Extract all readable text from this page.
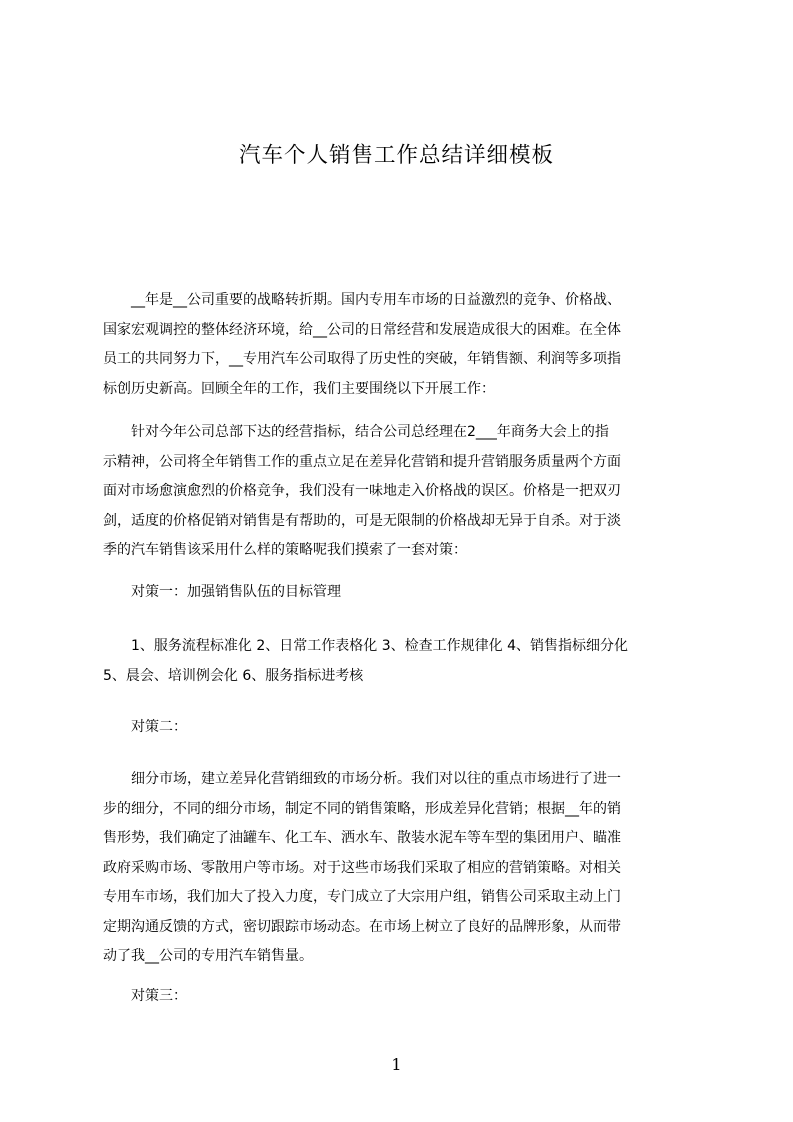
汽车个人销售工作总结详细模板
　　__年是__公司重要的战略转折期。国内专用车市场的日益激烈的竞争、价格战、
国家宏观调控的整体经济环境，给__公司的日常经营和发展造成很大的困难。在全体
员工的共同努力下，__专用汽车公司取得了历史性的突破，年销售额、利润等多项指
标创历史新高。回顾全年的工作，我们主要围绕以下开展工作：
　　针对今年公司总部下达的经营指标，结合公司总经理在2___年商务大会上的指
示精神，公司将全年销售工作的重点立足在差异化营销和提升营销服务质量两个方面
面对市场愈演愈烈的价格竞争，我们没有一味地走入价格战的误区。价格是一把双刃
剑，适度的价格促销对销售是有帮助的，可是无限制的价格战却无异于自杀。对于淡
季的汽车销售该采用什么样的策略呢我们摸索了一套对策：
　　对策一：加强销售队伍的目标管理
　　1、服务流程标准化 2、日常工作表格化 3、检查工作规律化 4、销售指标细分化
5、晨会、培训例会化 6、服务指标进考核
　　对策二：
　　细分市场，建立差异化营销细致的市场分析。我们对以往的重点市场进行了进一
步的细分，不同的细分市场，制定不同的销售策略，形成差异化营销；根据__年的销
售形势，我们确定了油罐车、化工车、洒水车、散装水泥车等车型的集团用户、瞄准
政府采购市场、零散用户等市场。对于这些市场我们采取了相应的营销策略。对相关
专用车市场，我们加大了投入力度，专门成立了大宗用户组，销售公司采取主动上门
定期沟通反馈的方式，密切跟踪市场动态。在市场上树立了良好的品牌形象，从而带
动了我__公司的专用汽车销售量。
　　对策三：
1
